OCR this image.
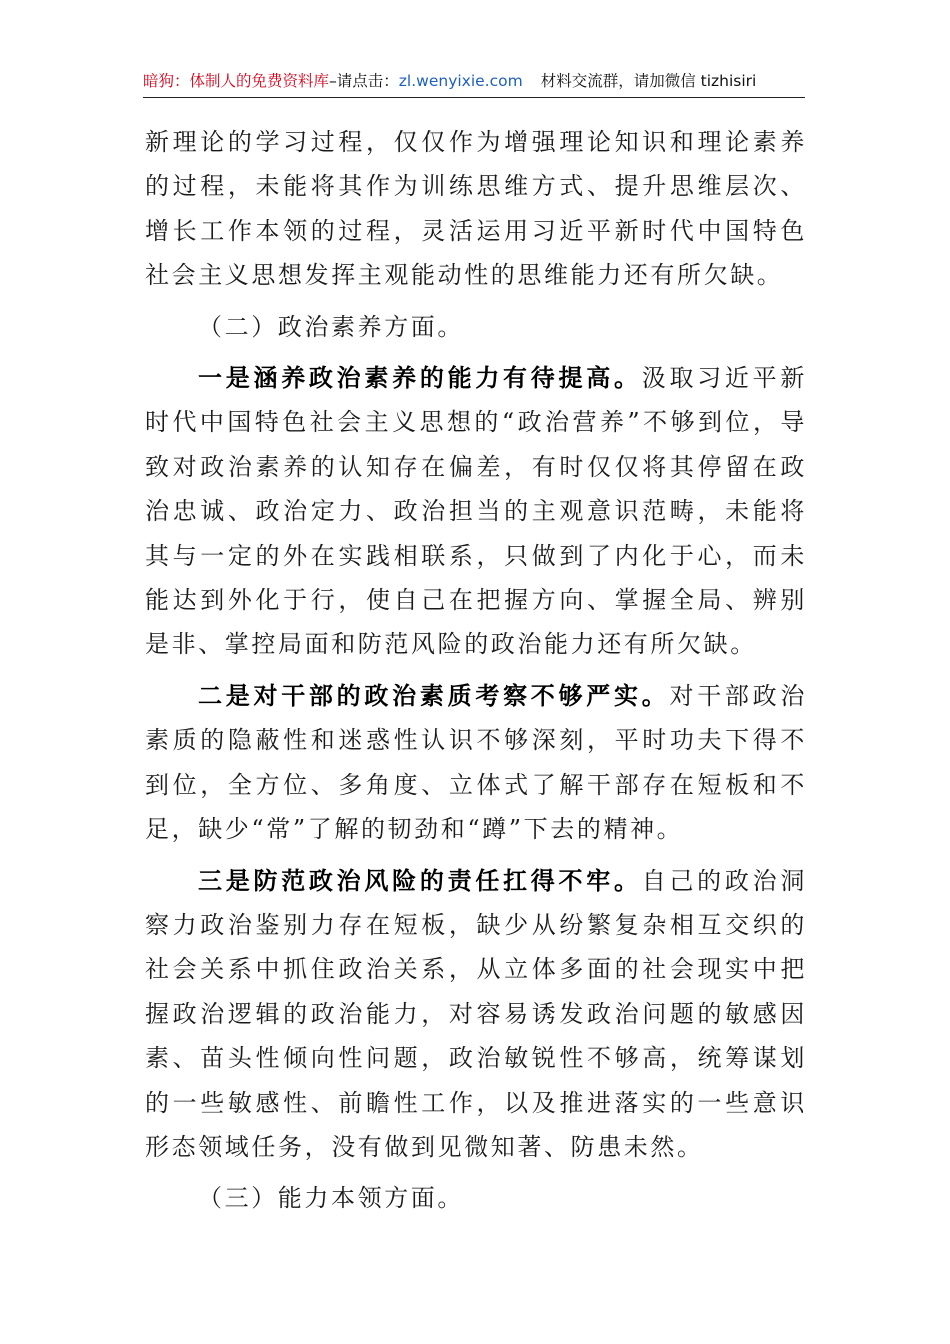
暗狗：体制人的免费资料库–请点击：zl.wenyixie.com 材料交流群，请加微信 tizhisiri

新理论的学习过程，仅仅作为增强理论知识和理论素养的过程，未能将其作为训练思维方式、提升思维层次、增长工作本领的过程，灵活运用习近平新时代中国特色社会主义思想发挥主观能动性的思维能力还有所欠缺。

（二）政治素养方面。

一是涵养政治素养的能力有待提高。汲取习近平新时代中国特色社会主义思想的“政治营养”不够到位，导致对政治素养的认知存在偏差，有时仅仅将其停留在政治忠诚、政治定力、政治担当的主观意识范畴，未能将其与一定的外在实践相联系，只做到了内化于心，而未能达到外化于行，使自己在把握方向、掌握全局、辨别是非、掌控局面和防范风险的政治能力还有所欠缺。

二是对干部的政治素质考察不够严实。对干部政治素质的隐蔽性和迷惑性认识不够深刻，平时功夫下得不到位，全方位、多角度、立体式了解干部存在短板和不足，缺少“常”了解的韧劲和“蹲”下去的精神。

三是防范政治风险的责任扛得不牢。自己的政治洞察力政治鉴别力存在短板，缺少从纷繁复杂相互交织的社会关系中抓住政治关系，从立体多面的社会现实中把握政治逻辑的政治能力，对容易诱发政治问题的敏感因素、苗头性倾向性问题，政治敏锐性不够高，统筹谋划的一些敏感性、前瞻性工作，以及推进落实的一些意识形态领域任务，没有做到见微知著、防患未然。

（三）能力本领方面。
